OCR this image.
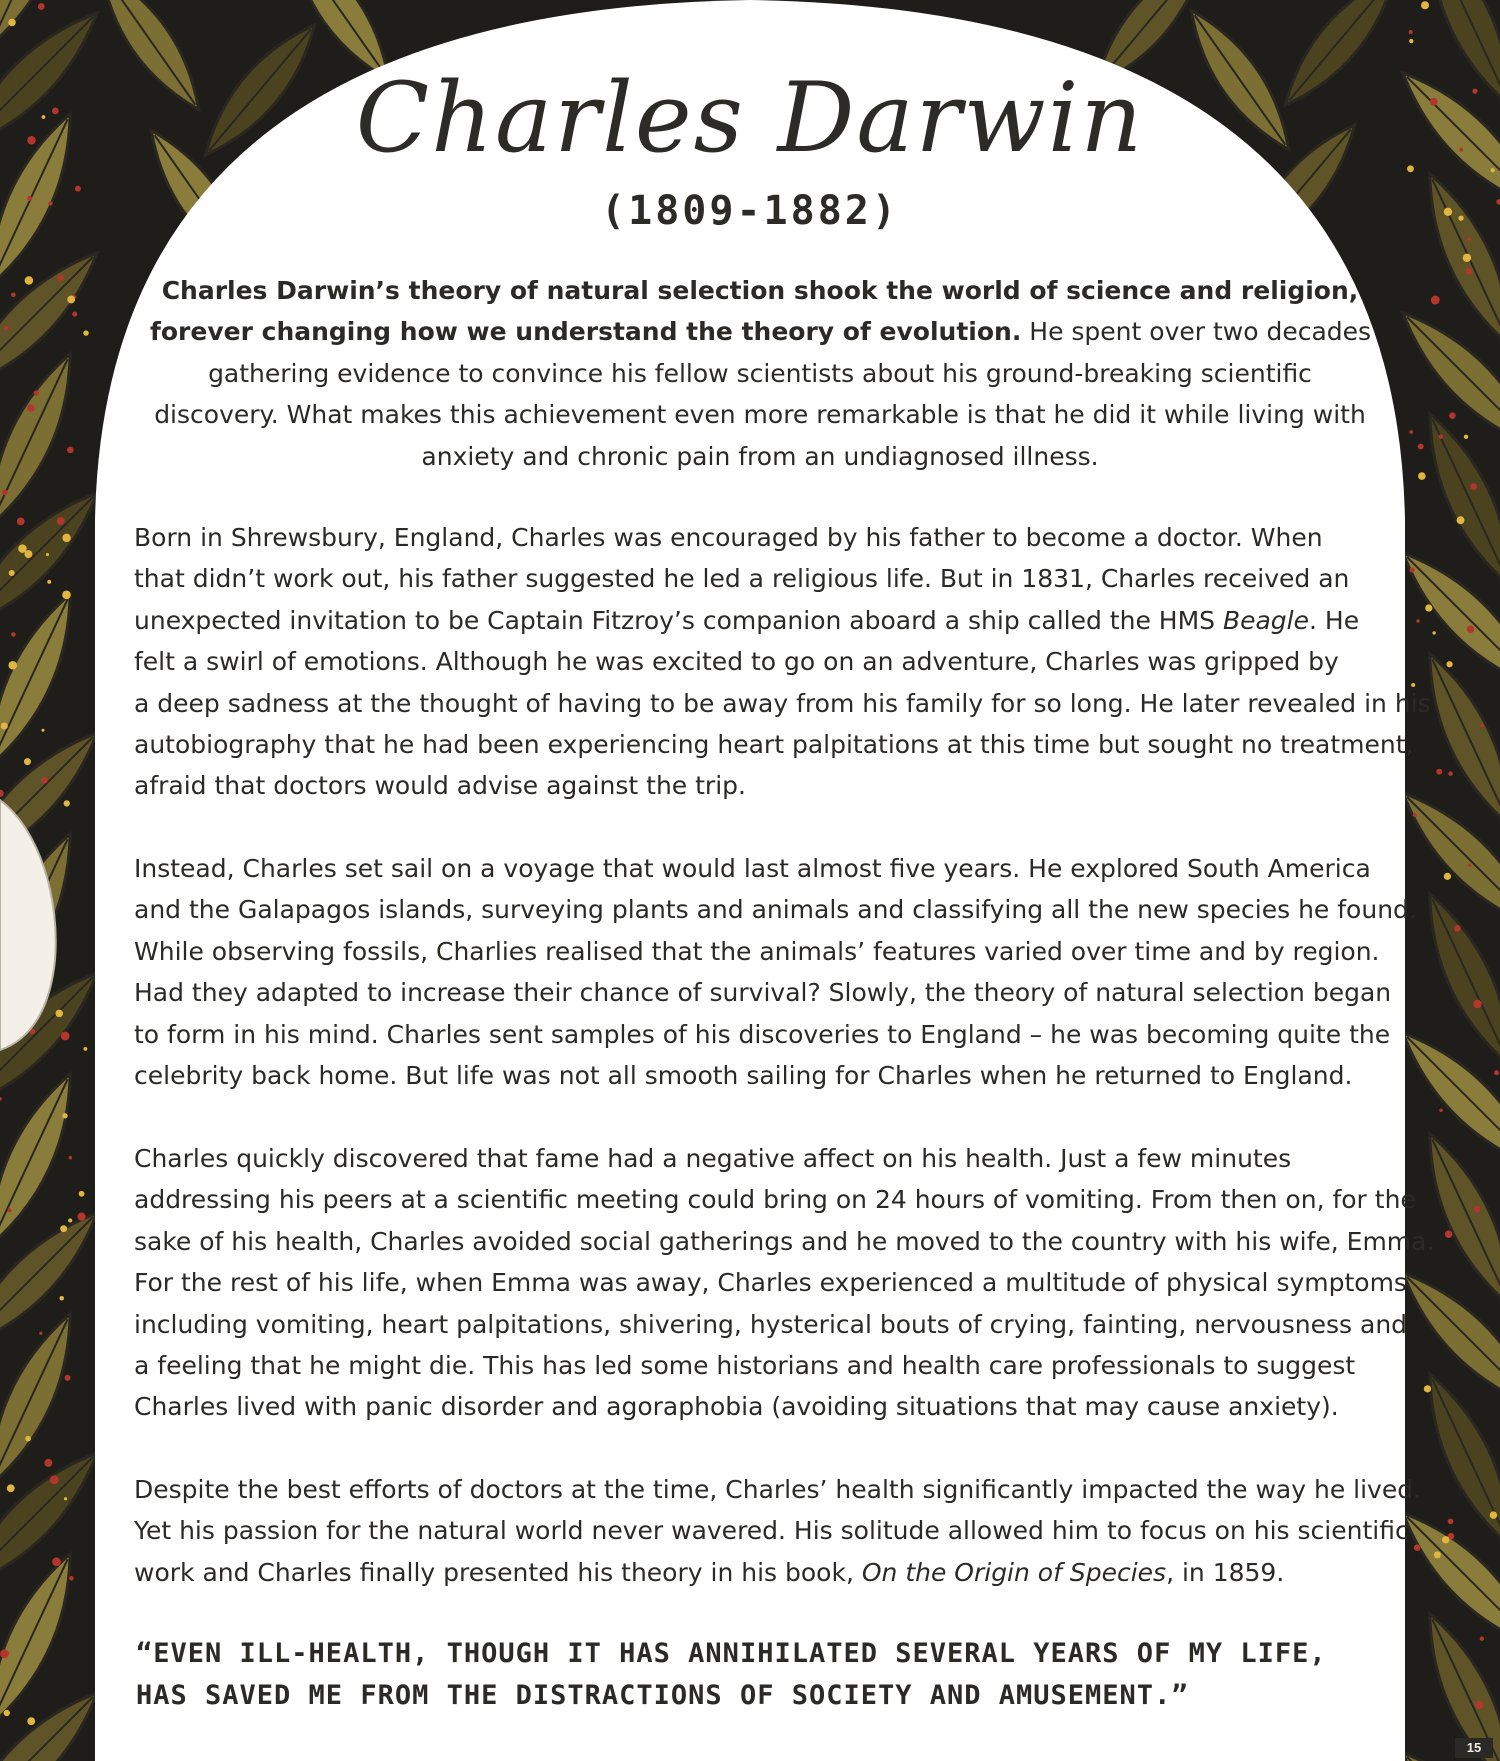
Charles Darwin
(1809-1882)
Charles Darwin’s theory of natural selection shook the world of science and religion,
forever changing how we understand the theory of evolution. He spent over two decades
gathering evidence to convince his fellow scientists about his ground-breaking scientific
discovery. What makes this achievement even more remarkable is that he did it while living with
anxiety and chronic pain from an undiagnosed illness.
Born in Shrewsbury, England, Charles was encouraged by his father to become a doctor. When
that didn’t work out, his father suggested he led a religious life. But in 1831, Charles received an
unexpected invitation to be Captain Fitzroy’s companion aboard a ship called the HMS Beagle. He
felt a swirl of emotions. Although he was excited to go on an adventure, Charles was gripped by
a deep sadness at the thought of having to be away from his family for so long. He later revealed in his
autobiography that he had been experiencing heart palpitations at this time but sought no treatment,
afraid that doctors would advise against the trip.
Instead, Charles set sail on a voyage that would last almost five years. He explored South America
and the Galapagos islands, surveying plants and animals and classifying all the new species he found.
While observing fossils, Charlies realised that the animals’ features varied over time and by region.
Had they adapted to increase their chance of survival? Slowly, the theory of natural selection began
to form in his mind. Charles sent samples of his discoveries to England – he was becoming quite the
celebrity back home. But life was not all smooth sailing for Charles when he returned to England.
Charles quickly discovered that fame had a negative affect on his health. Just a few minutes
addressing his peers at a scientific meeting could bring on 24 hours of vomiting. From then on, for the
sake of his health, Charles avoided social gatherings and he moved to the country with his wife, Emma.
For the rest of his life, when Emma was away, Charles experienced a multitude of physical symptoms
including vomiting, heart palpitations, shivering, hysterical bouts of crying, fainting, nervousness and
a feeling that he might die. This has led some historians and health care professionals to suggest
Charles lived with panic disorder and agoraphobia (avoiding situations that may cause anxiety).
Despite the best efforts of doctors at the time, Charles’ health significantly impacted the way he lived.
Yet his passion for the natural world never wavered. His solitude allowed him to focus on his scientific
work and Charles finally presented his theory in his book, On the Origin of Species, in 1859.
“EVEN ILL-HEALTH, THOUGH IT HAS ANNIHILATED SEVERAL YEARS OF MY LIFE,
HAS SAVED ME FROM THE DISTRACTIONS OF SOCIETY AND AMUSEMENT.”
15
